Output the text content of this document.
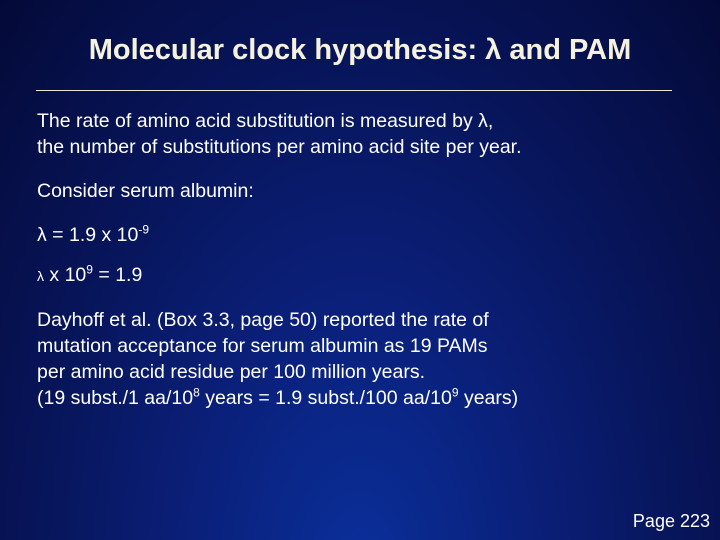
Molecular clock hypothesis: λ and PAM
The rate of amino acid substitution is measured by λ,
the number of substitutions per amino acid site per year.
Consider serum albumin:
λ = 1.9 x $10^{-9}$
λ x $10^9 = 1.9$
Dayhoff et al. (Box 3.3, page 50) reported the rate of
mutation acceptance for serum albumin as 19 PAMs
per amino acid residue per 100 million years.
(19 subst./1 $aa/10^8$ years = 1.9 subst./100 $aa/10^9$ years)
Page 223
